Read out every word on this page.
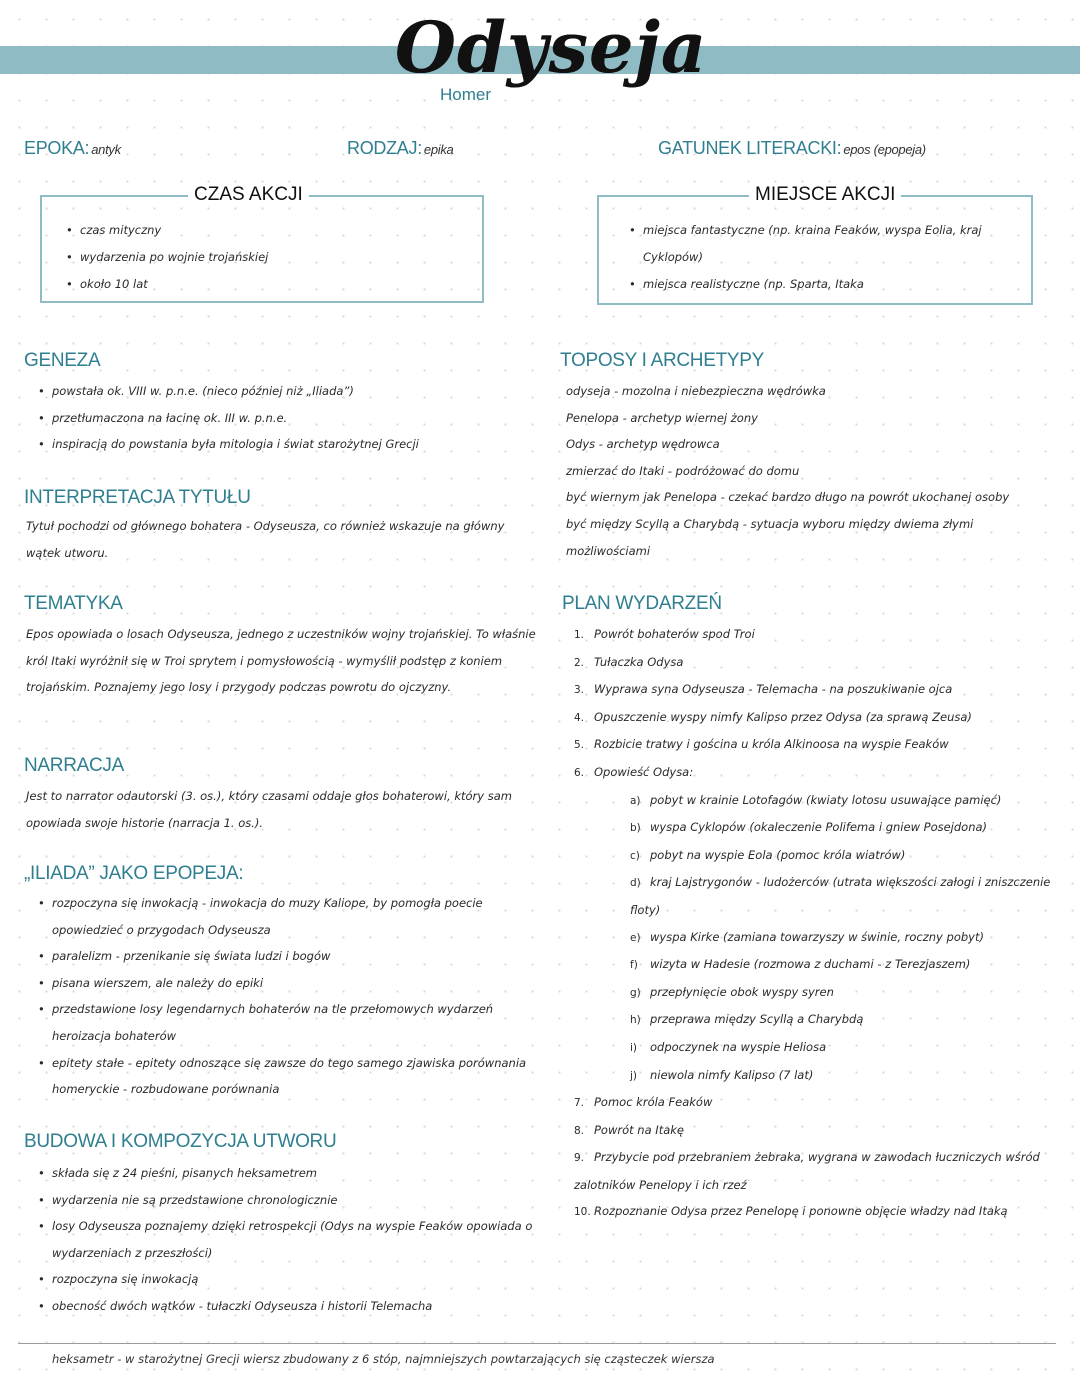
Odyseja
Homer
EPOKA: antyk	RODZAJ: epika	GATUNEK LITERACKI: epos (epopeja)
CZAS AKCJI
• czas mityczny
• wydarzenia po wojnie trojańskiej
• około 10 lat
MIEJSCE AKCJI
• miejsca fantastyczne (np. kraina Feaków, wyspa Eolia, kraj Cyklopów)
• miejsca realistyczne (np. Sparta, Itaka
GENEZA
• powstała ok. VIII w. p.n.e. (nieco później niż „Iliada”)
• przetłumaczona na łacinę ok. III w. p.n.e.
• inspiracją do powstania była mitologia i świat starożytnej Grecji
INTERPRETACJA TYTUŁU
Tytuł pochodzi od głównego bohatera - Odyseusza, co również wskazuje na główny wątek utworu.
TEMATYKA
Epos opowiada o losach Odyseusza, jednego z uczestników wojny trojańskiej. To właśnie król Itaki wyróżnił się w Troi sprytem i pomysłowością - wymyślił podstęp z koniem trojańskim. Poznajemy jego losy i przygody podczas powrotu do ojczyzny.
NARRACJA
Jest to narrator odautorski (3. os.), który czasami oddaje głos bohaterowi, który sam opowiada swoje historie (narracja 1. os.).
„ILIADA” JAKO EPOPEJA:
• rozpoczyna się inwokacją - inwokacja do muzy Kaliope, by pomogła poecie opowiedzieć o przygodach Odyseusza
• paralelizm - przenikanie się świata ludzi i bogów
• pisana wierszem, ale należy do epiki
• przedstawione losy legendarnych bohaterów na tle przełomowych wydarzeń heroizacja bohaterów
• epitety stałe - epitety odnoszące się zawsze do tego samego zjawiska porównania homeryckie - rozbudowane porównania
BUDOWA I KOMPOZYCJA UTWORU
• składa się z 24 pieśni, pisanych heksametrem
• wydarzenia nie są przedstawione chronologicznie
• losy Odyseusza poznajemy dzięki retrospekcji (Odys na wyspie Feaków opowiada o wydarzeniach z przeszłości)
• rozpoczyna się inwokacją
• obecność dwóch wątków - tułaczki Odyseusza i historii Telemacha
TOPOSY I ARCHETYPY
odyseja - mozolna i niebezpieczna wędrówka
Penelopa - archetyp wiernej żony
Odys - archetyp wędrowca
zmierzać do Itaki - podróżować do domu
być wiernym jak Penelopa - czekać bardzo długo na powrót ukochanej osoby
być między Scyllą a Charybdą - sytuacja wyboru między dwiema złymi możliwościami
PLAN WYDARZEŃ
1. Powrót bohaterów spod Troi
2. Tułaczka Odysa
3. Wyprawa syna Odyseusza - Telemacha - na poszukiwanie ojca
4. Opuszczenie wyspy nimfy Kalipso przez Odysa (za sprawą Zeusa)
5. Rozbicie tratwy i gościna u króla Alkinoosa na wyspie Feaków
6. Opowieść Odysa:
a) pobyt w krainie Lotofagów (kwiaty lotosu usuwające pamięć)
b) wyspa Cyklopów (okaleczenie Polifema i gniew Posejdona)
c) pobyt na wyspie Eola (pomoc króla wiatrów)
d) kraj Lajstrygonów - ludożerców (utrata większości załogi i zniszczenie floty)
e) wyspa Kirke (zamiana towarzyszy w świnie, roczny pobyt)
f) wizyta w Hadesie (rozmowa z duchami - z Terezjaszem)
g) przepłynięcie obok wyspy syren
h) przeprawa między Scyllą a Charybdą
i) odpoczynek na wyspie Heliosa
j) niewola nimfy Kalipso (7 lat)
7. Pomoc króla Feaków
8. Powrót na Itakę
9. Przybycie pod przebraniem żebraka, wygrana w zawodach łuczniczych wśród zalotników Penelopy i ich rzeź
10. Rozpoznanie Odysa przez Penelopę i ponowne objęcie władzy nad Itaką
heksametr - w starożytnej Grecji wiersz zbudowany z 6 stóp, najmniejszych powtarzających się cząsteczek wiersza
